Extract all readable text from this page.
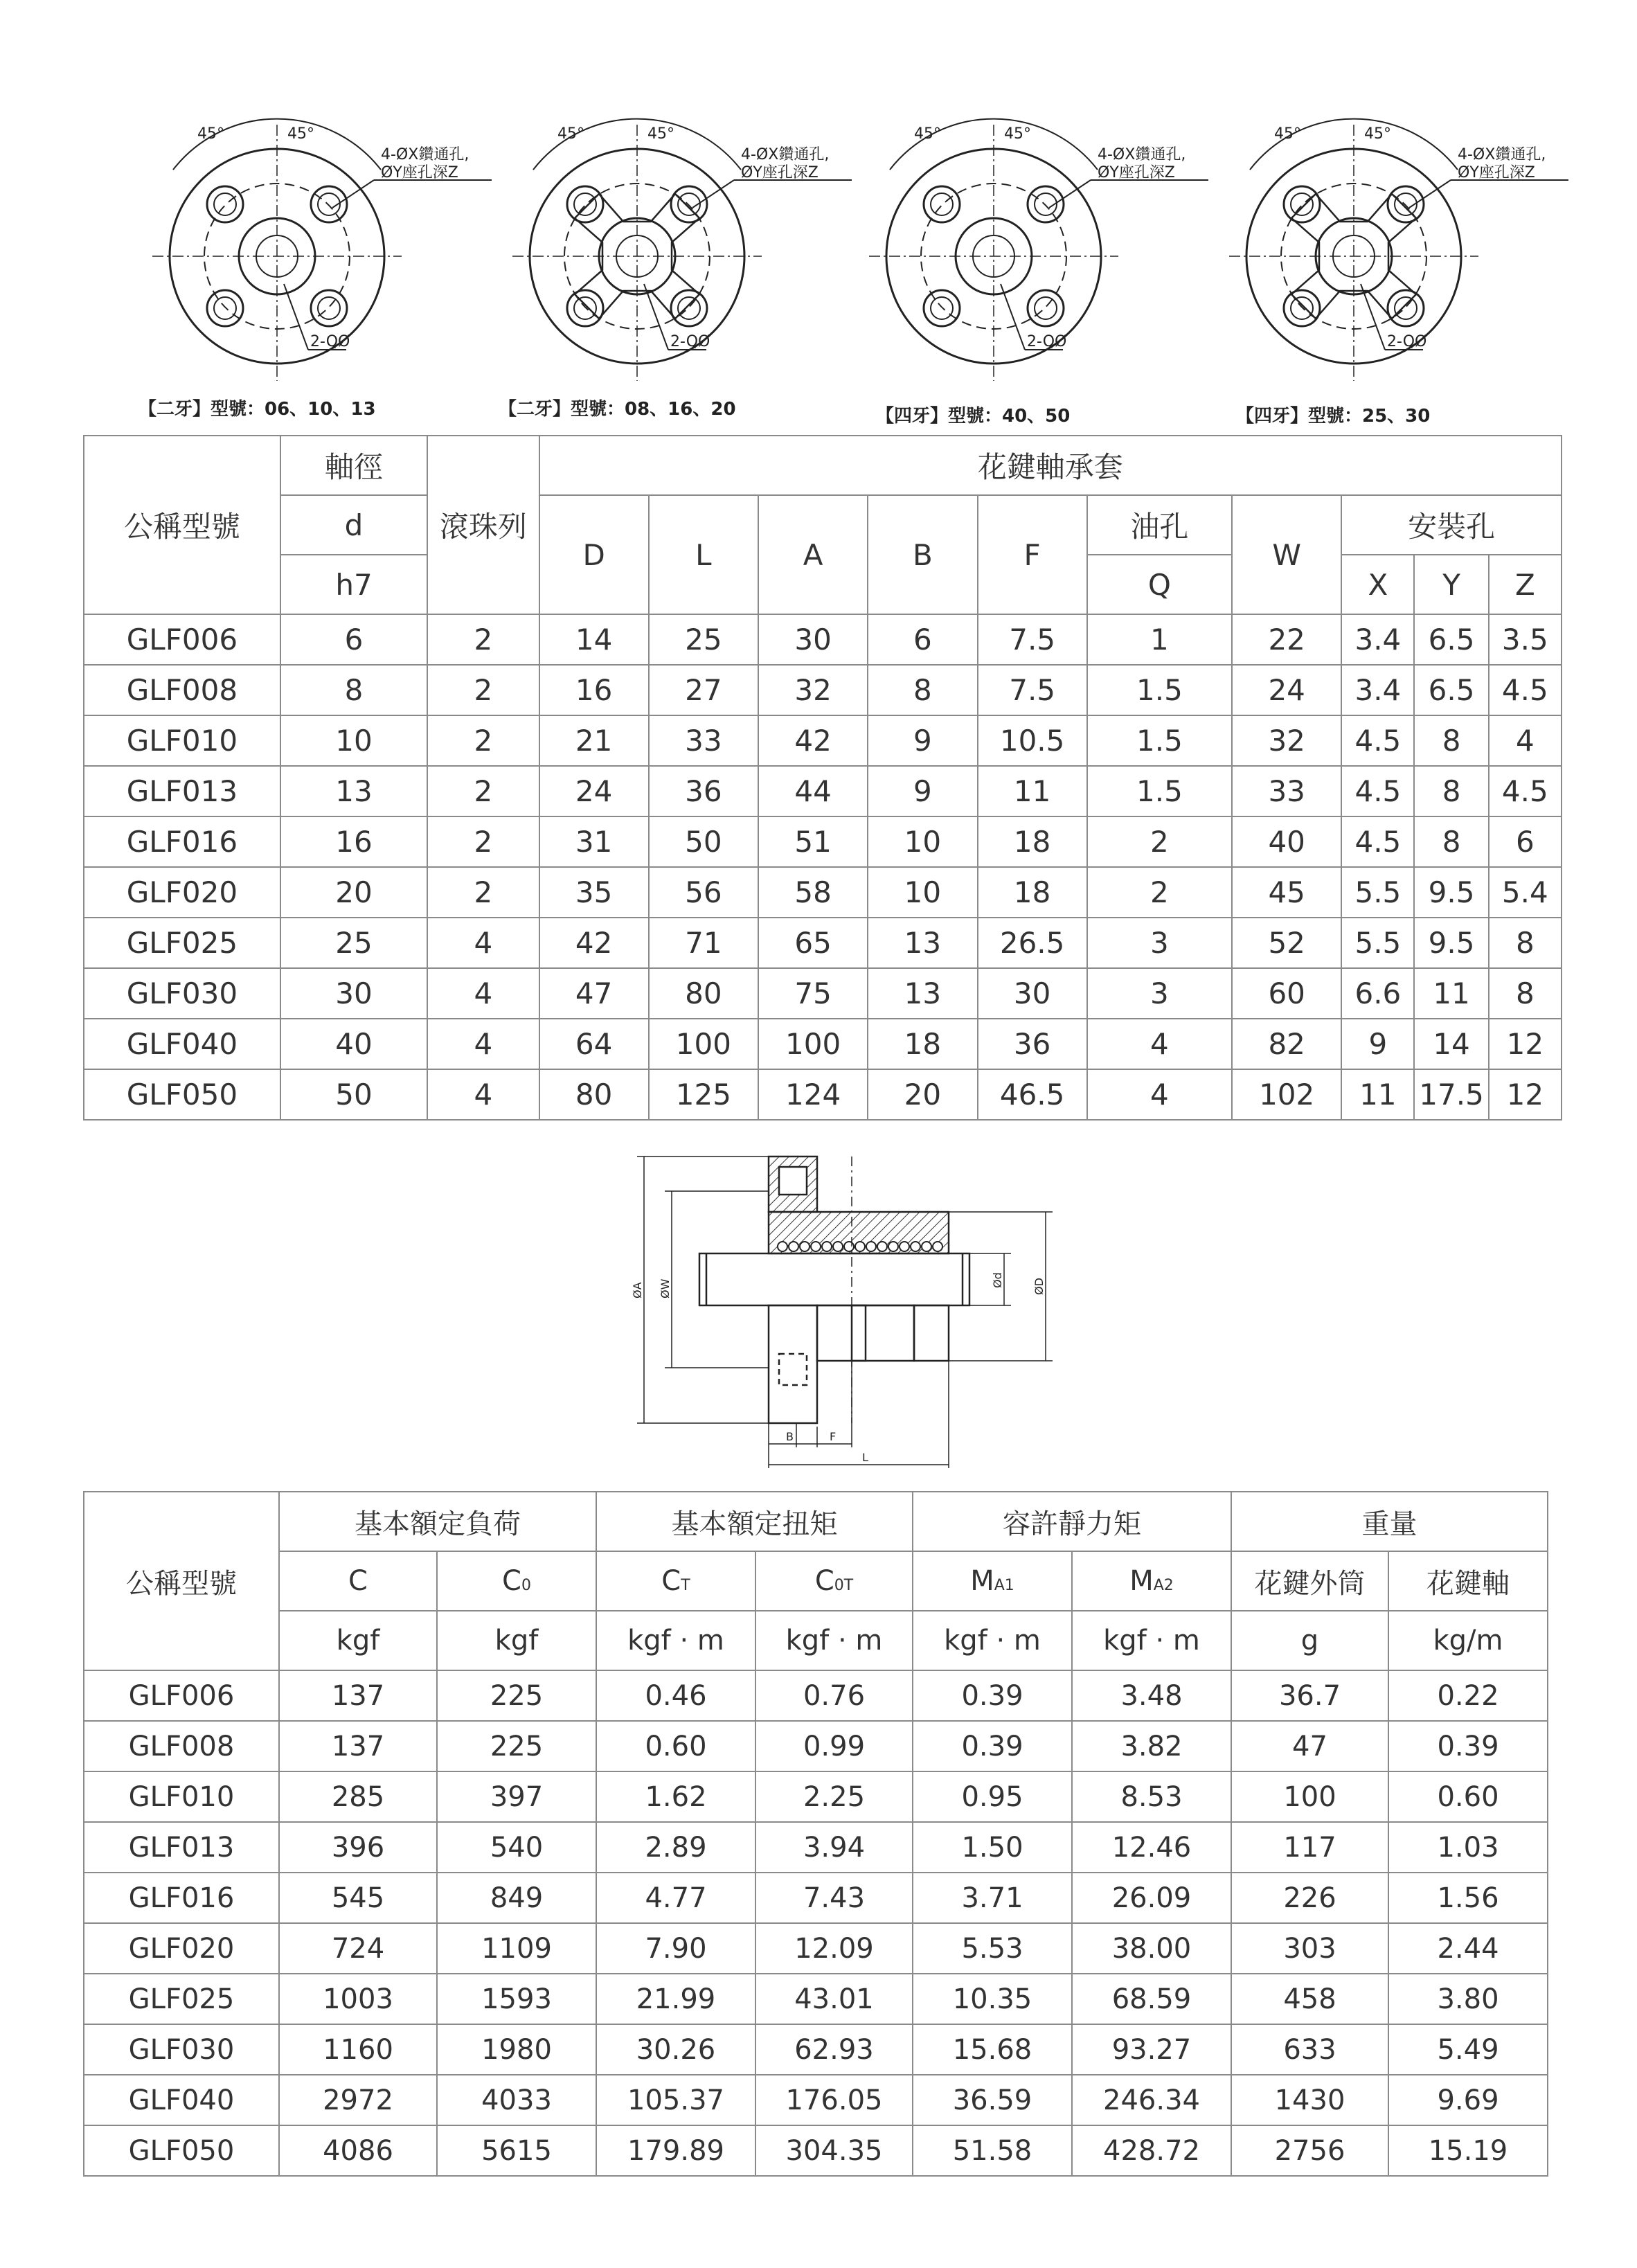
45°	45°
4-ØX鑽通孔,
ØY座孔深Z
2-QØ
【二牙】型號：06、10、13
45°	45°
4-ØX鑽通孔,
ØY座孔深Z
2-QØ
【二牙】型號：08、16、20
45°	45°
4-ØX鑽通孔,
ØY座孔深Z
2-QØ
【四牙】型號：40、50
45°	45°
4-ØX鑽通孔,
ØY座孔深Z
2-QØ
【四牙】型號：25、30
公稱型號	軸徑	滾珠列	花鍵軸承套									
	d		D	L	A	B	F	油孔	W	安裝孔		
	h7							Q		X	Y	Z
GLF006	6	2	14	25	30	6	7.5	1	22	3.4	6.5	3.5
GLF008	8	2	16	27	32	8	7.5	1.5	24	3.4	6.5	4.5
GLF010	10	2	21	33	42	9	10.5	1.5	32	4.5	8	4
GLF013	13	2	24	36	44	9	11	1.5	33	4.5	8	4.5
GLF016	16	2	31	50	51	10	18	2	40	4.5	8	6
GLF020	20	2	35	56	58	10	18	2	45	5.5	9.5	5.4
GLF025	25	4	42	71	65	13	26.5	3	52	5.5	9.5	8
GLF030	30	4	47	80	75	13	30	3	60	6.6	11	8
GLF040	40	4	64	100	100	18	36	4	82	9	14	12
GLF050	50	4	80	125	124	20	46.5	4	102	11	17.5	12
ØA ØW	Ød	ØD
B	F
L
公稱型號	基本額定負荷		基本額定扭矩		容許靜力矩		重量	
	C	C0	CT	C0T	MA1	MA2	花鍵外筒	花鍵軸
	kgf	kgf	kgf · m	kgf · m	kgf · m	kgf · m	g	kg/m
GLF006	137	225	0.46	0.76	0.39	3.48	36.7	0.22
GLF008	137	225	0.60	0.99	0.39	3.82	47	0.39
GLF010	285	397	1.62	2.25	0.95	8.53	100	0.60
GLF013	396	540	2.89	3.94	1.50	12.46	117	1.03
GLF016	545	849	4.77	7.43	3.71	26.09	226	1.56
GLF020	724	1109	7.90	12.09	5.53	38.00	303	2.44
GLF025	1003	1593	21.99	43.01	10.35	68.59	458	3.80
GLF030	1160	1980	30.26	62.93	15.68	93.27	633	5.49
GLF040	2972	4033	105.37	176.05	36.59	246.34	1430	9.69
GLF050	4086	5615	179.89	304.35	51.58	428.72	2756	15.19
